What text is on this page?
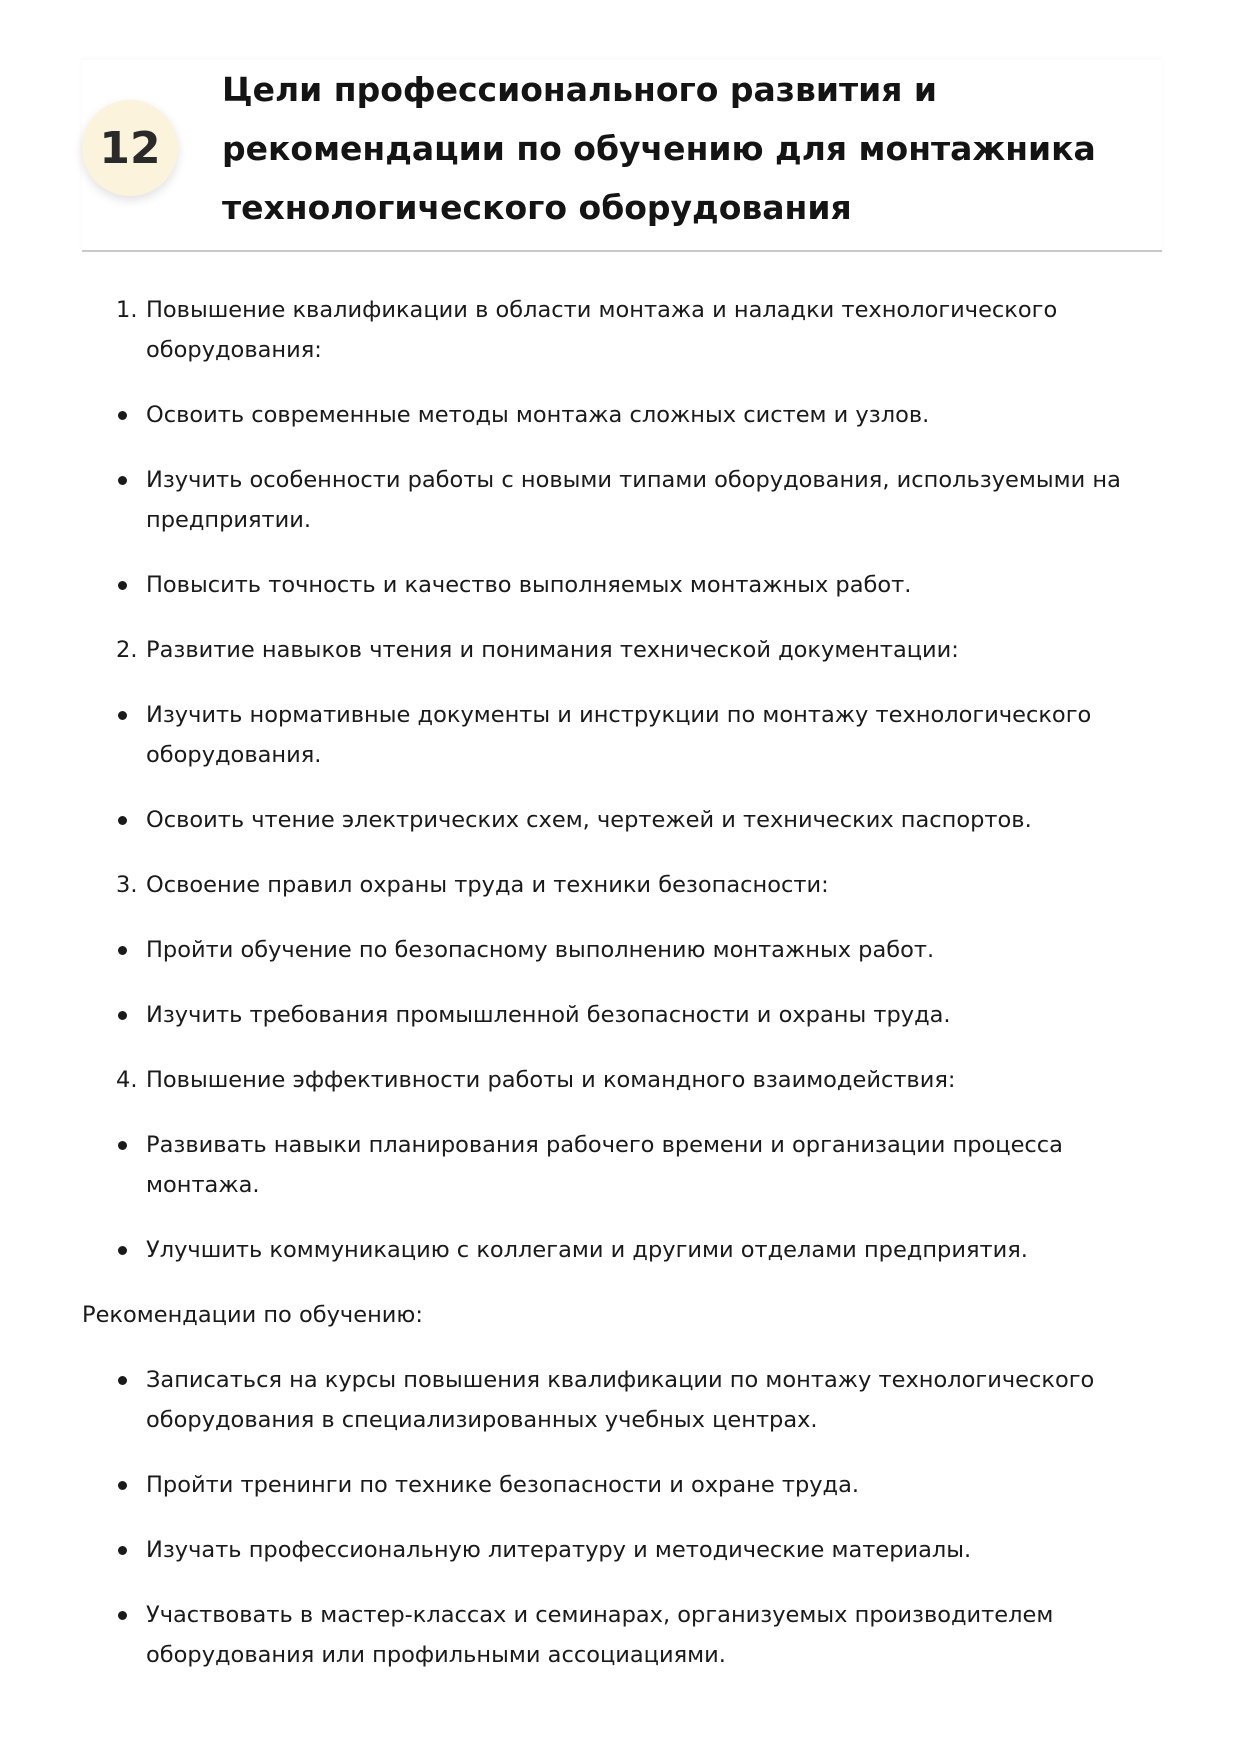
12
Цели профессионального развития и рекомендации по обучению для монтажника технологического оборудования
1. Повышение квалификации в области монтажа и наладки технологического оборудования:
Освоить современные методы монтажа сложных систем и узлов.
Изучить особенности работы с новыми типами оборудования, используемыми на предприятии.
Повысить точность и качество выполняемых монтажных работ.
2. Развитие навыков чтения и понимания технической документации:
Изучить нормативные документы и инструкции по монтажу технологического оборудования.
Освоить чтение электрических схем, чертежей и технических паспортов.
3. Освоение правил охраны труда и техники безопасности:
Пройти обучение по безопасному выполнению монтажных работ.
Изучить требования промышленной безопасности и охраны труда.
4. Повышение эффективности работы и командного взаимодействия:
Развивать навыки планирования рабочего времени и организации процесса монтажа.
Улучшить коммуникацию с коллегами и другими отделами предприятия.

Рекомендации по обучению:

Записаться на курсы повышения квалификации по монтажу технологического оборудования в специализированных учебных центрах.
Пройти тренинги по технике безопасности и охране труда.
Изучать профессиональную литературу и методические материалы.
Участвовать в мастер-классах и семинарах, организуемых производителем оборудования или профильными ассоциациями.
